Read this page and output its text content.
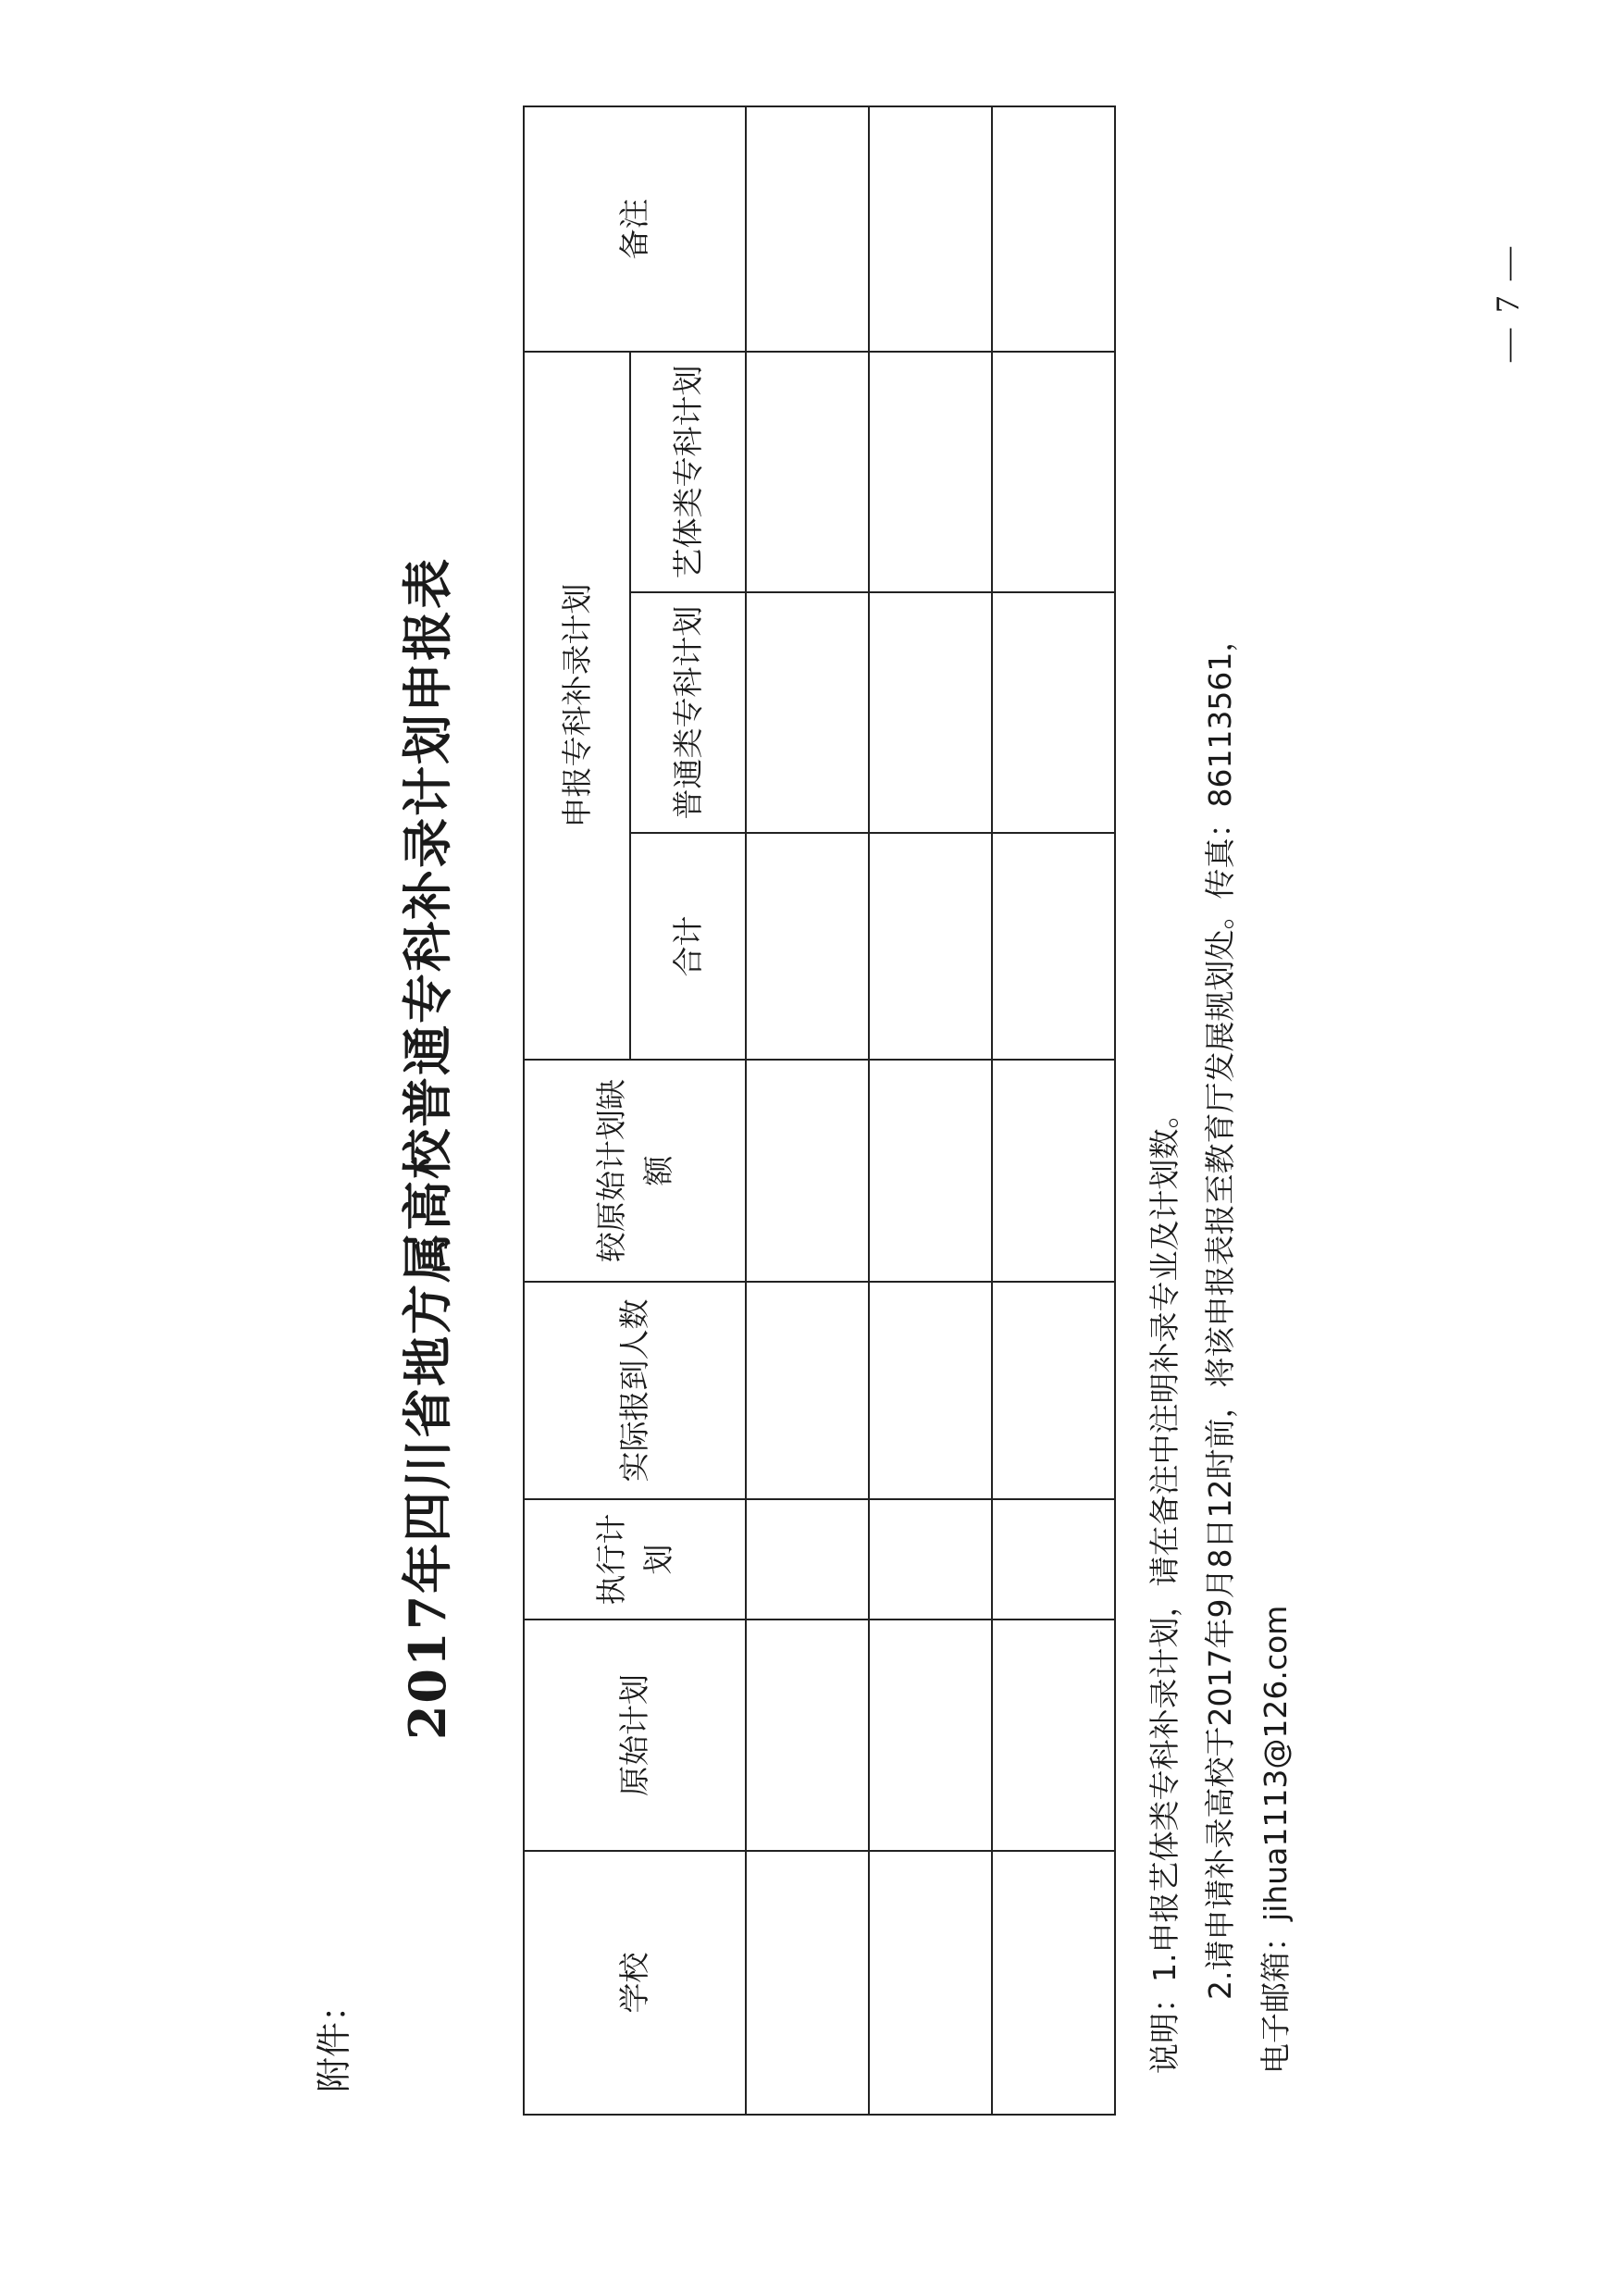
附件：
2017年四川省地方属高校普通专科补录计划申报表
学校	原始计划	执行计划	实际报到人数	较原始计划缺额	申报专科补录计划			备注
					合计	普通类专科计划	艺体类专科计划	

说明：1.申报艺体类专科补录计划，请在备注中注明补录专业及计划数。 2.请申请补录高校于2017年9月8日12时前，将该申报表报至教育厅发展规划处。传真：86113561， 电子邮箱：jihua1113@126.com
— 7 —
